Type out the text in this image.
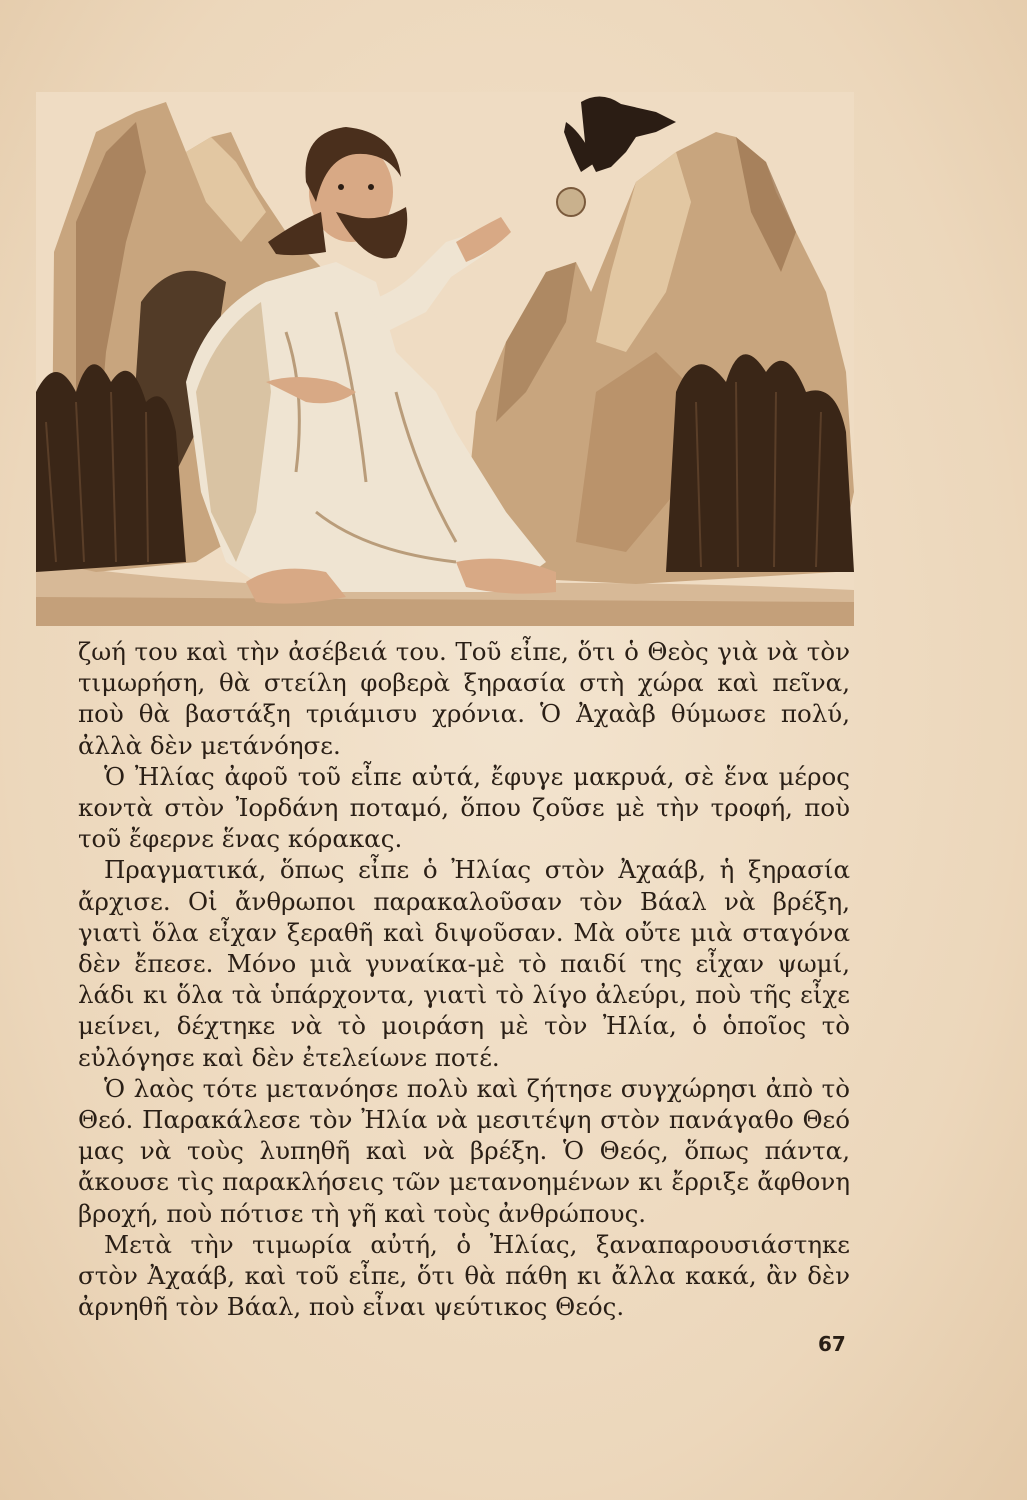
ζωή του καὶ τὴν ἀσέβειά του. Τοῦ εἶπε, ὅτι ὁ Θεὸς γιὰ νὰ τὸν τιμωρήση, θὰ στείλη φοβερὰ ξηρασία στὴ χώρα καὶ πεῖνα, ποὺ θὰ βαστάξη τριάμισυ χρόνια. Ὁ Ἀχαὰβ θύμωσε πολύ, ἀλλὰ δὲν μετάνόησε.

Ὁ Ἠλίας ἀφοῦ τοῦ εἶπε αὐτά, ἔφυγε μακρυά, σὲ ἕνα μέρος κοντὰ στὸν Ἰορδάνη ποταμό, ὅπου ζοῦσε μὲ τὴν τροφή, ποὺ τοῦ ἔφερνε ἕνας κόρακας.

Πραγματικά, ὅπως εἶπε ὁ Ἠλίας στὸν Ἀχαάβ, ἡ ξηρασία ἄρχισε. Οἱ ἄνθρωποι παρακαλοῦσαν τὸν Βάαλ νὰ βρέξη, γιατὶ ὅλα εἶχαν ξεραθῆ καὶ διψοῦσαν. Μὰ οὔτε μιὰ σταγόνα δὲν ἔπεσε. Μόνο μιὰ γυναίκα-μὲ τὸ παιδί της εἶχαν ψωμί, λάδι κι ὅλα τὰ ὑπάρχοντα, γιατὶ τὸ λίγο ἀλεύρι, ποὺ τῆς εἶχε μείνει, δέχτηκε νὰ τὸ μοιράση μὲ τὸν Ἠλία, ὁ ὁποῖος τὸ εὐλόγησε καὶ δὲν ἐτελείωνε ποτέ.

Ὁ λαὸς τότε μετανόησε πολὺ καὶ ζήτησε συγχώρησι ἀπὸ τὸ Θεό. Παρακάλεσε τὸν Ἠλία νὰ μεσιτέψη στὸν πανάγαθο Θεό μας νὰ τοὺς λυπηθῆ καὶ νὰ βρέξη. Ὁ Θεός, ὅπως πάντα, ἄκουσε τὶς παρακλήσεις τῶν μετανοημένων κι ἔρριξε ἄφθονη βροχή, ποὺ πότισε τὴ γῆ καὶ τοὺς ἀνθρώπους.

Μετὰ τὴν τιμωρία αὐτή, ὁ Ἠλίας, ξαναπαρουσιάστηκε στὸν Ἀχαάβ, καὶ τοῦ εἶπε, ὅτι θὰ πάθη κι ἄλλα κακά, ἂν δὲν ἀρνηθῆ τὸν Βάαλ, ποὺ εἶναι ψεύτικος Θεός.

67
